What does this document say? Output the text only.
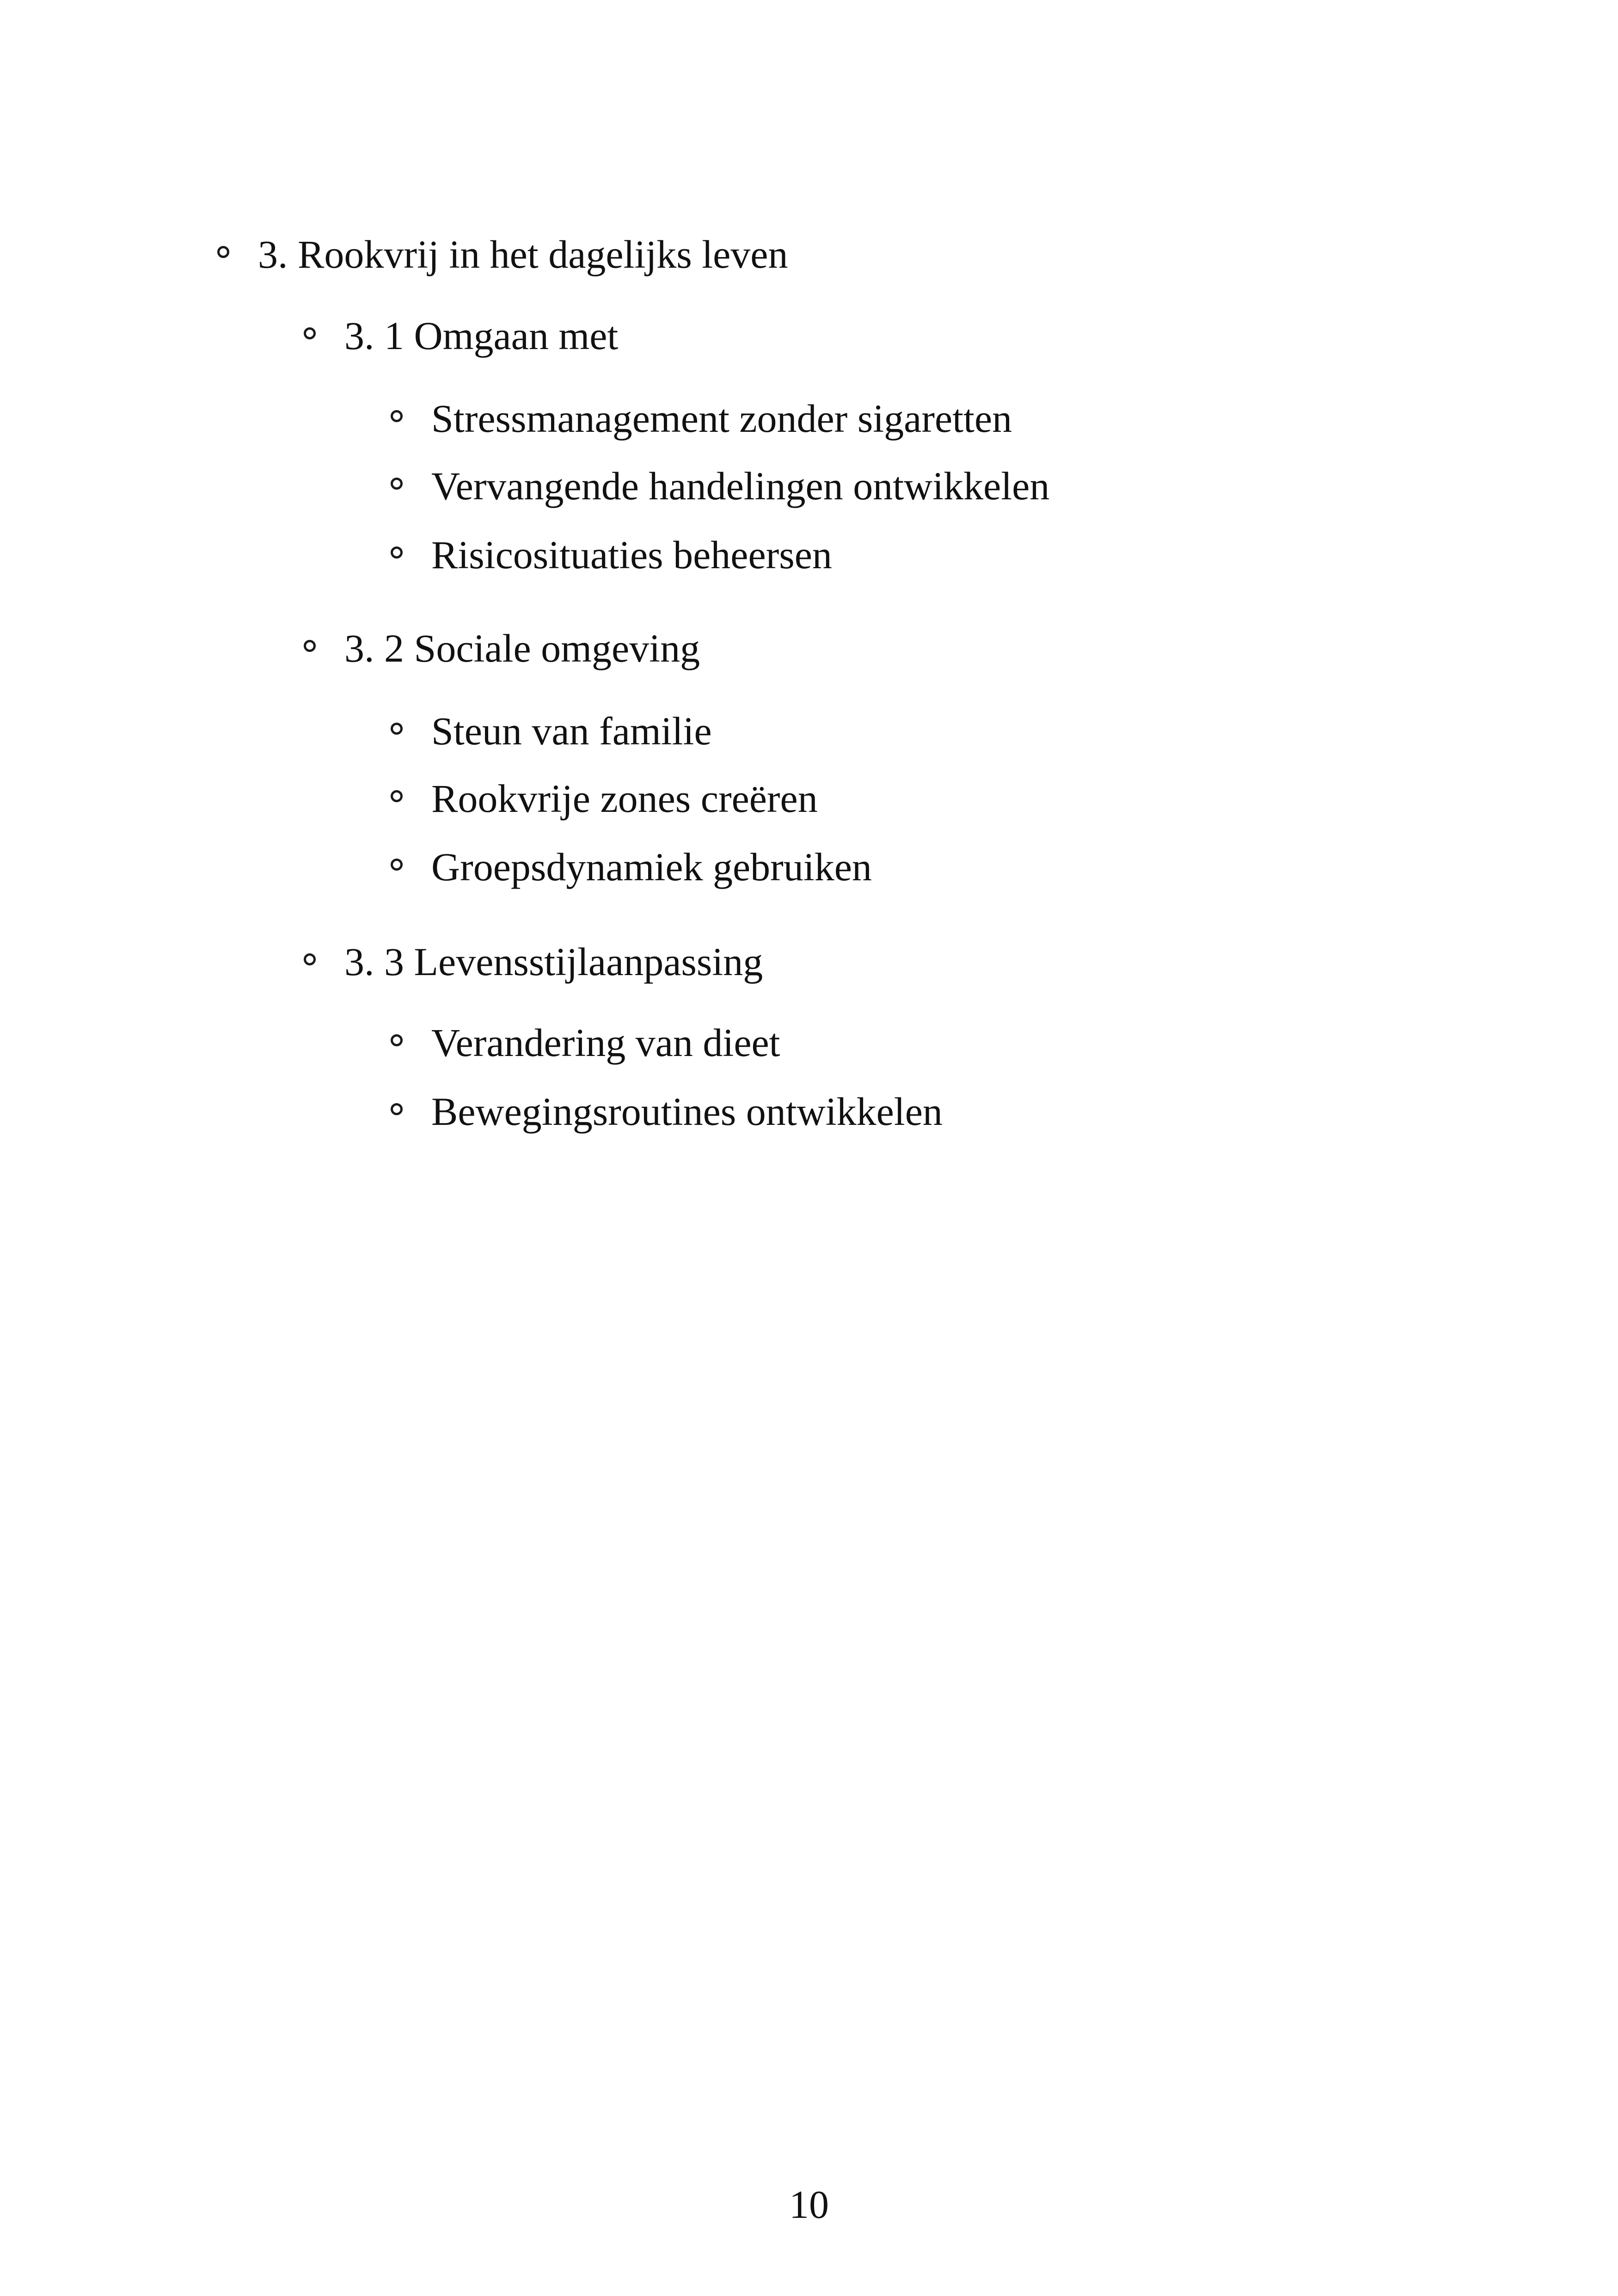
3. Rookvrij in het dagelijks leven
3. 1 Omgaan met
Stressmanagement zonder sigaretten
Vervangende handelingen ontwikkelen
Risicosituaties beheersen
3. 2 Sociale omgeving
Steun van familie
Rookvrije zones creëren
Groepsdynamiek gebruiken
3. 3 Levensstijlaanpassing
Verandering van dieet
Bewegingsroutines ontwikkelen
10
